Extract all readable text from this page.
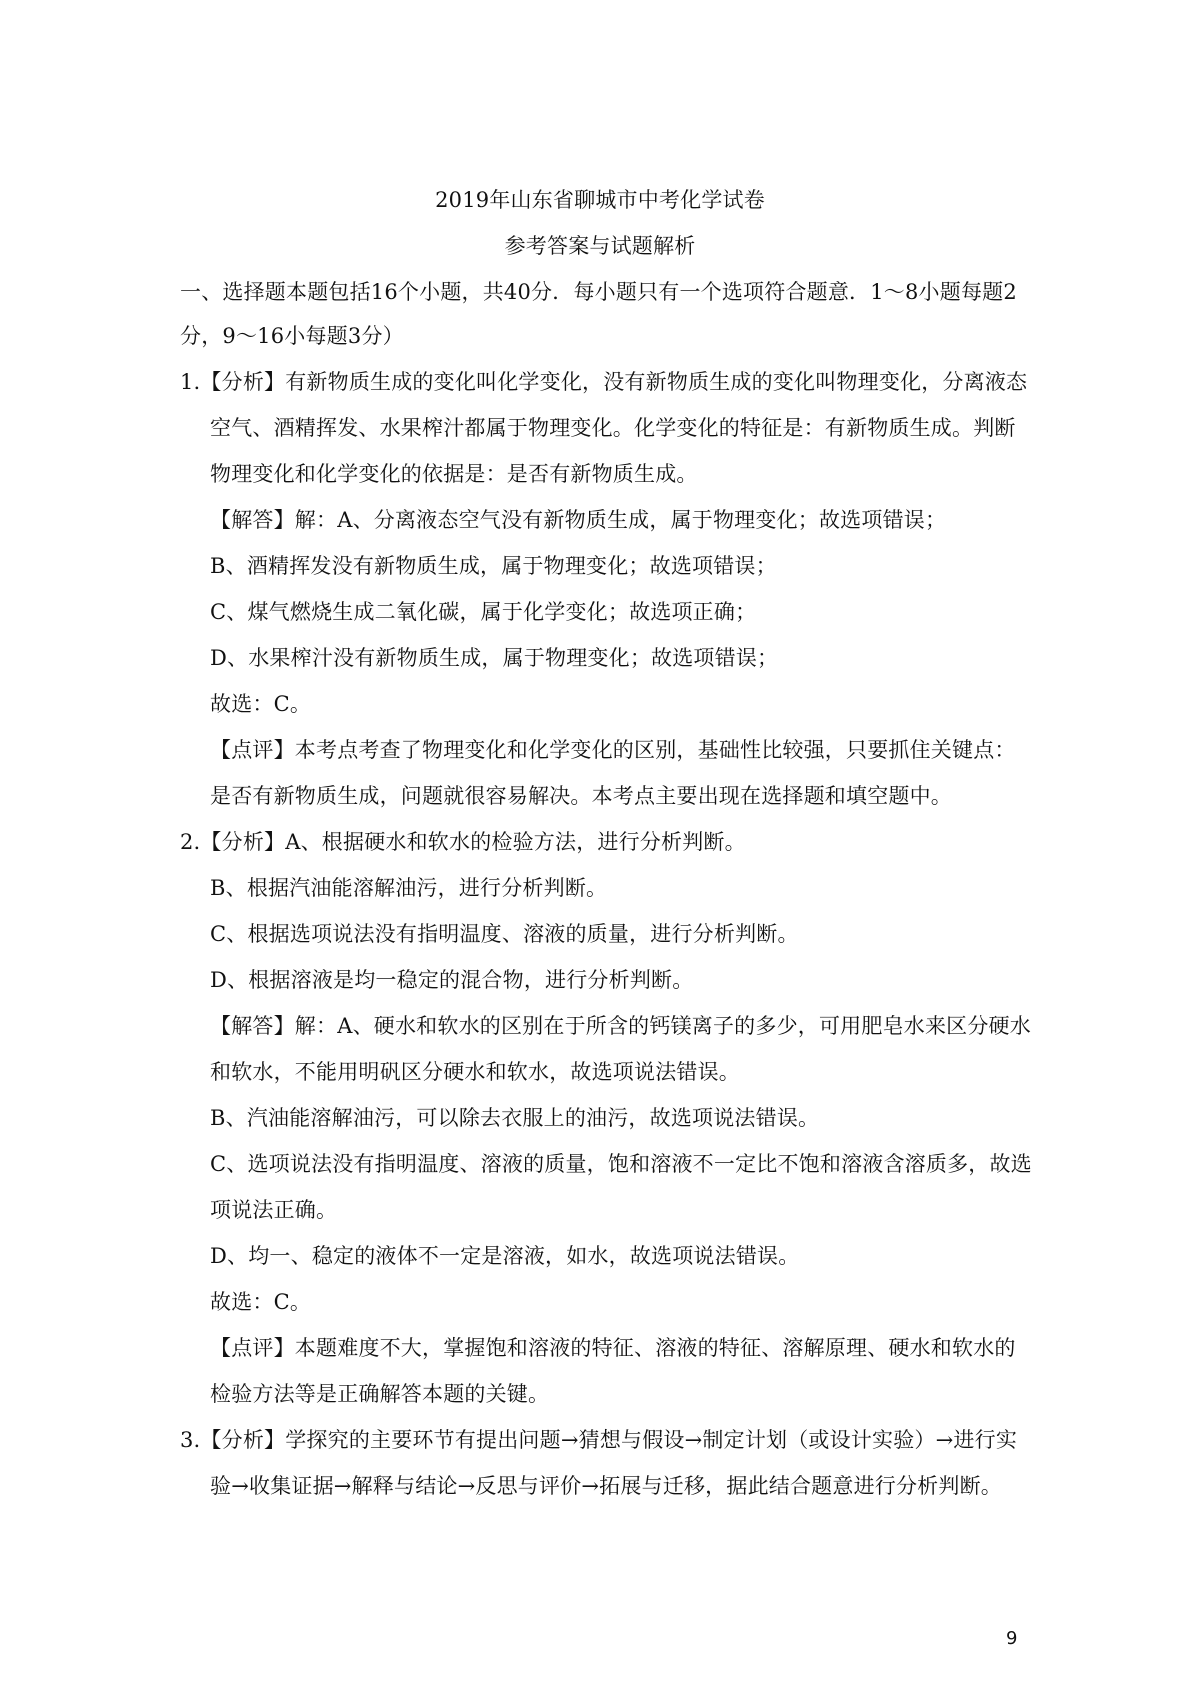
2019年山东省聊城市中考化学试卷
参考答案与试题解析
一、选择题本题包括16个小题，共40分．每小题只有一个选项符合题意．1～8小题每题2
分，9～16小每题3分）
1.【分析】有新物质生成的变化叫化学变化，没有新物质生成的变化叫物理变化，分离液态
空气、酒精挥发、水果榨汁都属于物理变化。化学变化的特征是：有新物质生成。判断
物理变化和化学变化的依据是：是否有新物质生成。
【解答】解：A、分离液态空气没有新物质生成，属于物理变化；故选项错误；
B、酒精挥发没有新物质生成，属于物理变化；故选项错误；
C、煤气燃烧生成二氧化碳，属于化学变化；故选项正确；
D、水果榨汁没有新物质生成，属于物理变化；故选项错误；
故选：C。
【点评】本考点考查了物理变化和化学变化的区别，基础性比较强，只要抓住关键点：
是否有新物质生成，问题就很容易解决。本考点主要出现在选择题和填空题中。
2.【分析】A、根据硬水和软水的检验方法，进行分析判断。
B、根据汽油能溶解油污，进行分析判断。
C、根据选项说法没有指明温度、溶液的质量，进行分析判断。
D、根据溶液是均一稳定的混合物，进行分析判断。
【解答】解：A、硬水和软水的区别在于所含的钙镁离子的多少，可用肥皂水来区分硬水
和软水，不能用明矾区分硬水和软水，故选项说法错误。
B、汽油能溶解油污，可以除去衣服上的油污，故选项说法错误。
C、选项说法没有指明温度、溶液的质量，饱和溶液不一定比不饱和溶液含溶质多，故选
项说法正确。
D、均一、稳定的液体不一定是溶液，如水，故选项说法错误。
故选：C。
【点评】本题难度不大，掌握饱和溶液的特征、溶液的特征、溶解原理、硬水和软水的
检验方法等是正确解答本题的关键。
3.【分析】学探究的主要环节有提出问题→猜想与假设→制定计划（或设计实验）→进行实
验→收集证据→解释与结论→反思与评价→拓展与迁移，据此结合题意进行分析判断。
9
